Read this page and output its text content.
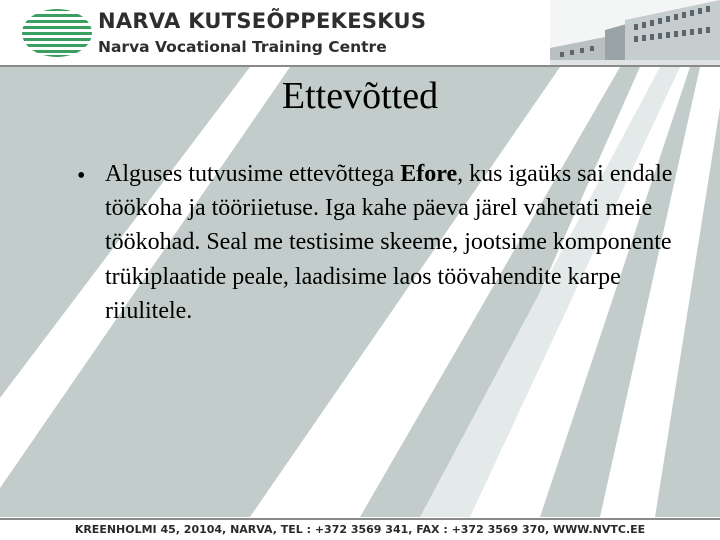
NARVA KUTSEÕPPEKESKUS
Narva Vocational Training Centre
Ettevõtted
• Alguses tutvusime ettevõttega Efore, kus igaüks sai endale töökoha ja tööriietuse. Iga kahe päeva järel vahetati meie töökohad. Seal me testisime skeeme, jootsime komponente trükiplaatide peale, laadisime laos töövahendite karpe riiulitele.
KREENHOLMI 45, 20104, NARVA, TEL : +372 3569 341, FAX : +372 3569 370, WWW.NVTC.EE
